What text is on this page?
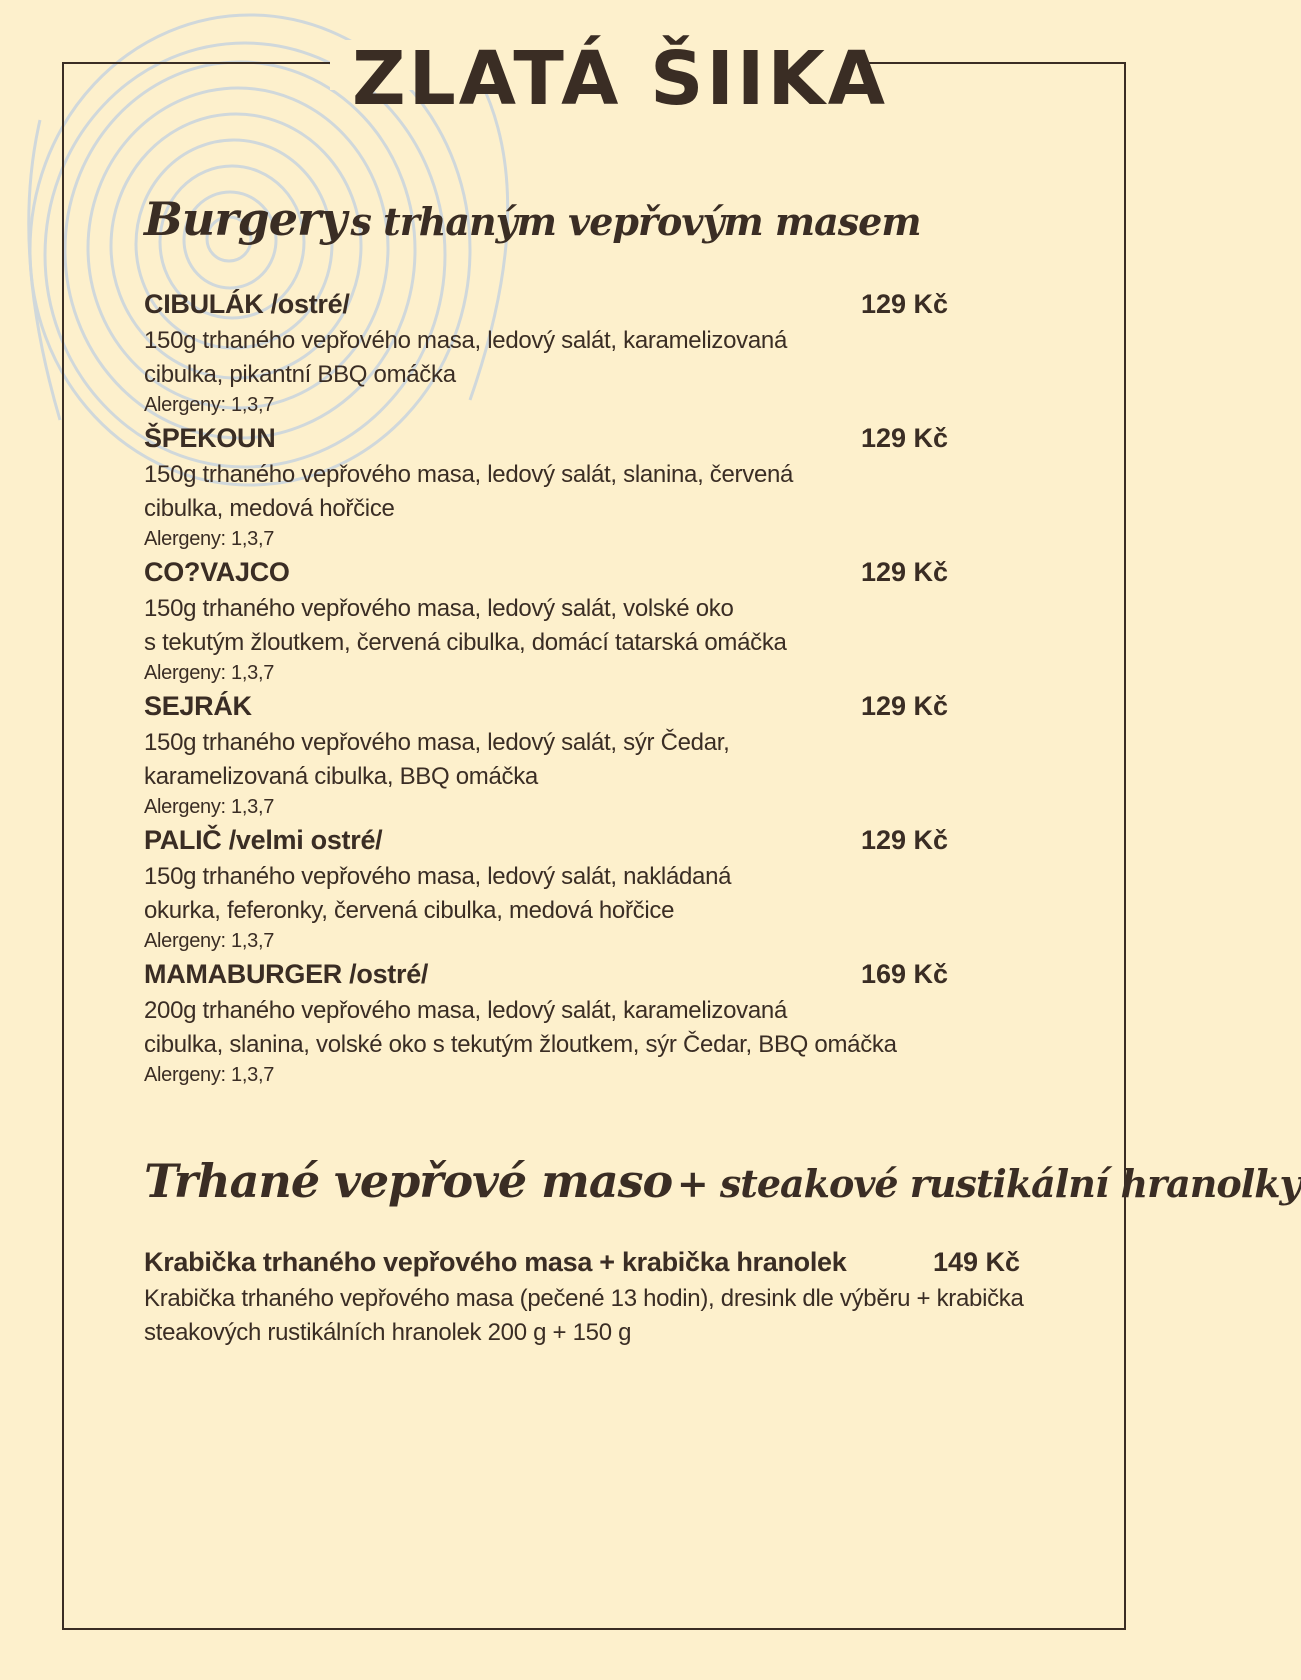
ZLATÁ ŠIIKA
Burgery s trhaným vepřovým masem
CIBULÁK /ostré/	129 Kč
150g trhaného vepřového masa, ledový salát, karamelizovaná
cibulka, pikantní BBQ omáčka
Alergeny: 1,3,7
ŠPEKOUN	129 Kč
150g trhaného vepřového masa, ledový salát, slanina, červená
cibulka, medová hořčice
Alergeny: 1,3,7
CO?VAJCO	129 Kč
150g trhaného vepřového masa, ledový salát, volské oko
s tekutým žloutkem, červená cibulka, domácí tatarská omáčka
Alergeny: 1,3,7
SEJRÁK	129 Kč
150g trhaného vepřového masa, ledový salát, sýr Čedar,
karamelizovaná cibulka, BBQ omáčka
Alergeny: 1,3,7
PALIČ /velmi ostré/	129 Kč
150g trhaného vepřového masa, ledový salát, nakládaná
okurka, feferonky, červená cibulka, medová hořčice
Alergeny: 1,3,7
MAMABURGER /ostré/	169 Kč
200g trhaného vepřového masa, ledový salát, karamelizovaná
cibulka, slanina, volské oko s tekutým žloutkem, sýr Čedar, BBQ omáčka
Alergeny: 1,3,7
Trhané vepřové maso + steakové rustikální hranolky
Krabička trhaného vepřového masa + krabička hranolek	149 Kč
Krabička trhaného vepřového masa (pečené 13 hodin), dresink dle výběru + krabička
steakových rustikálních hranolek 200 g + 150 g
